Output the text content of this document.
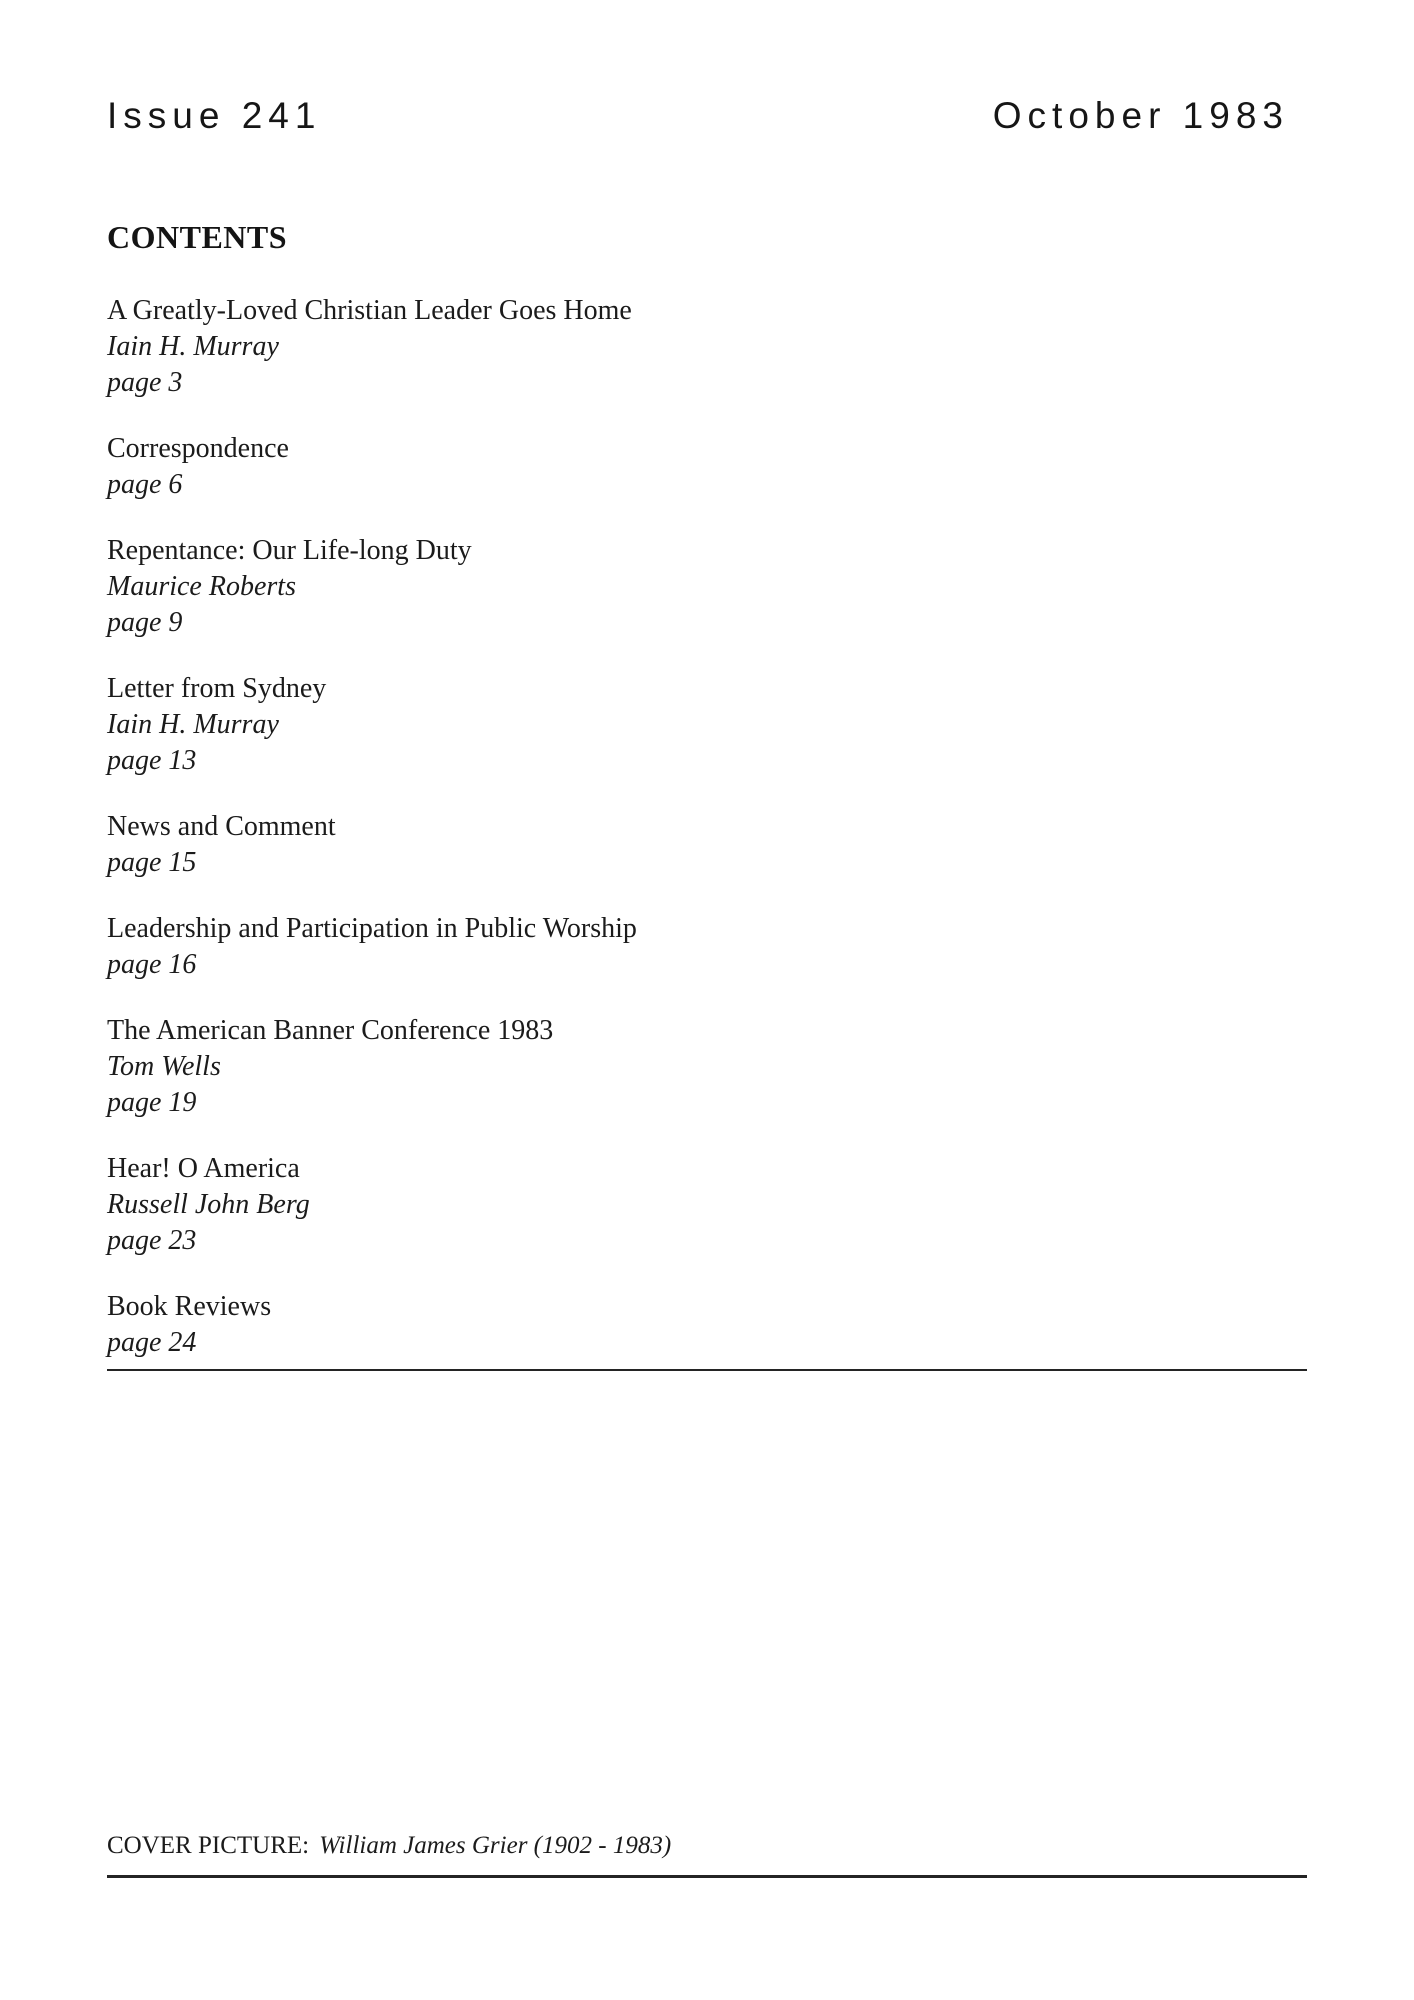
Issue 241	October 1983
CONTENTS
A Greatly-Loved Christian Leader Goes Home
Iain H. Murray
page 3
Correspondence
page 6
Repentance: Our Life-long Duty
Maurice Roberts
page 9
Letter from Sydney
Iain H. Murray
page 13
News and Comment
page 15
Leadership and Participation in Public Worship
page 16
The American Banner Conference 1983
Tom Wells
page 19
Hear! O America
Russell John Berg
page 23
Book Reviews
page 24
COVER PICTURE: William James Grier (1902 - 1983)
